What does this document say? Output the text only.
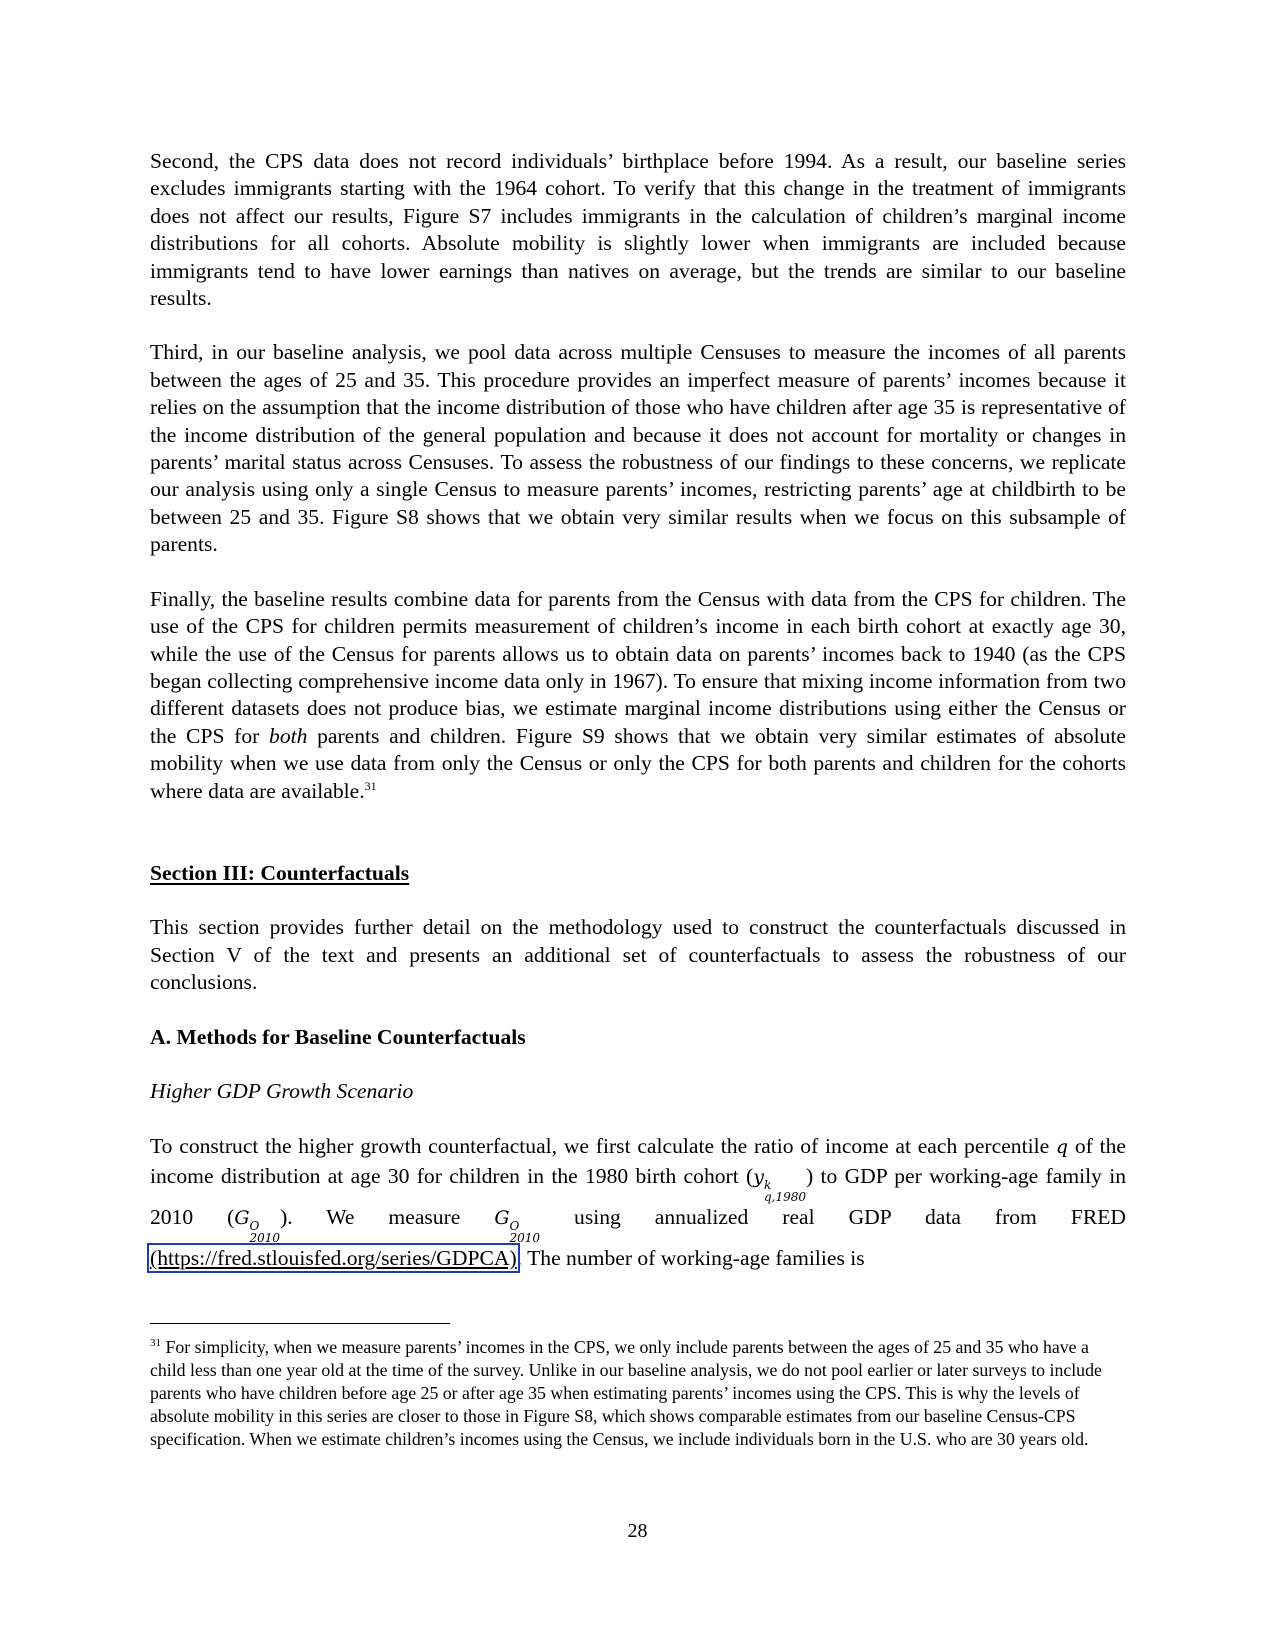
Second, the CPS data does not record individuals’ birthplace before 1994. As a result, our baseline series excludes immigrants starting with the 1964 cohort. To verify that this change in the treatment of immigrants does not affect our results, Figure S7 includes immigrants in the calculation of children’s marginal income distributions for all cohorts. Absolute mobility is slightly lower when immigrants are included because immigrants tend to have lower earnings than natives on average, but the trends are similar to our baseline results.

Third, in our baseline analysis, we pool data across multiple Censuses to measure the incomes of all parents between the ages of 25 and 35. This procedure provides an imperfect measure of parents’ incomes because it relies on the assumption that the income distribution of those who have children after age 35 is representative of the income distribution of the general population and because it does not account for mortality or changes in parents’ marital status across Censuses. To assess the robustness of our findings to these concerns, we replicate our analysis using only a single Census to measure parents’ incomes, restricting parents’ age at childbirth to be between 25 and 35. Figure S8 shows that we obtain very similar results when we focus on this subsample of parents.

Finally, the baseline results combine data for parents from the Census with data from the CPS for children. The use of the CPS for children permits measurement of children’s income in each birth cohort at exactly age 30, while the use of the Census for parents allows us to obtain data on parents’ incomes back to 1940 (as the CPS began collecting comprehensive income data only in 1967). To ensure that mixing income information from two different datasets does not produce bias, we estimate marginal income distributions using either the Census or the CPS for both parents and children. Figure S9 shows that we obtain very similar estimates of absolute mobility when we use data from only the Census or only the CPS for both parents and children for the cohorts where data are available.$^{31}$

Section III: Counterfactuals

This section provides further detail on the methodology used to construct the counterfactuals discussed in Section V of the text and presents an additional set of counterfactuals to assess the robustness of our conclusions.

A. Methods for Baseline Counterfactuals
Higher GDP Growth Scenario

To construct the higher growth counterfactual, we first calculate the ratio of income at each percentile q of the income distribution at age 30 for children in the 1980 birth cohort (y k
q,1980
) to GDP per working-age family in 2010 (G O
2010
). We measure G O
2010
using annualized real GDP data from FRED (https://fred.stlouisfed.org/series/GDPCA). The number of working-age families is

$^{31}$ For simplicity, when we measure parents’ incomes in the CPS, we only include parents between the ages of 25 and 35 who have a child less than one year old at the time of the survey. Unlike in our baseline analysis, we do not pool earlier or later surveys to include parents who have children before age 25 or after age 35 when estimating parents’ incomes using the CPS. This is why the levels of absolute mobility in this series are closer to those in Figure S8, which shows comparable estimates from our baseline Census-CPS specification. When we estimate children’s incomes using the Census, we include individuals born in the U.S. who are 30 years old.
28
